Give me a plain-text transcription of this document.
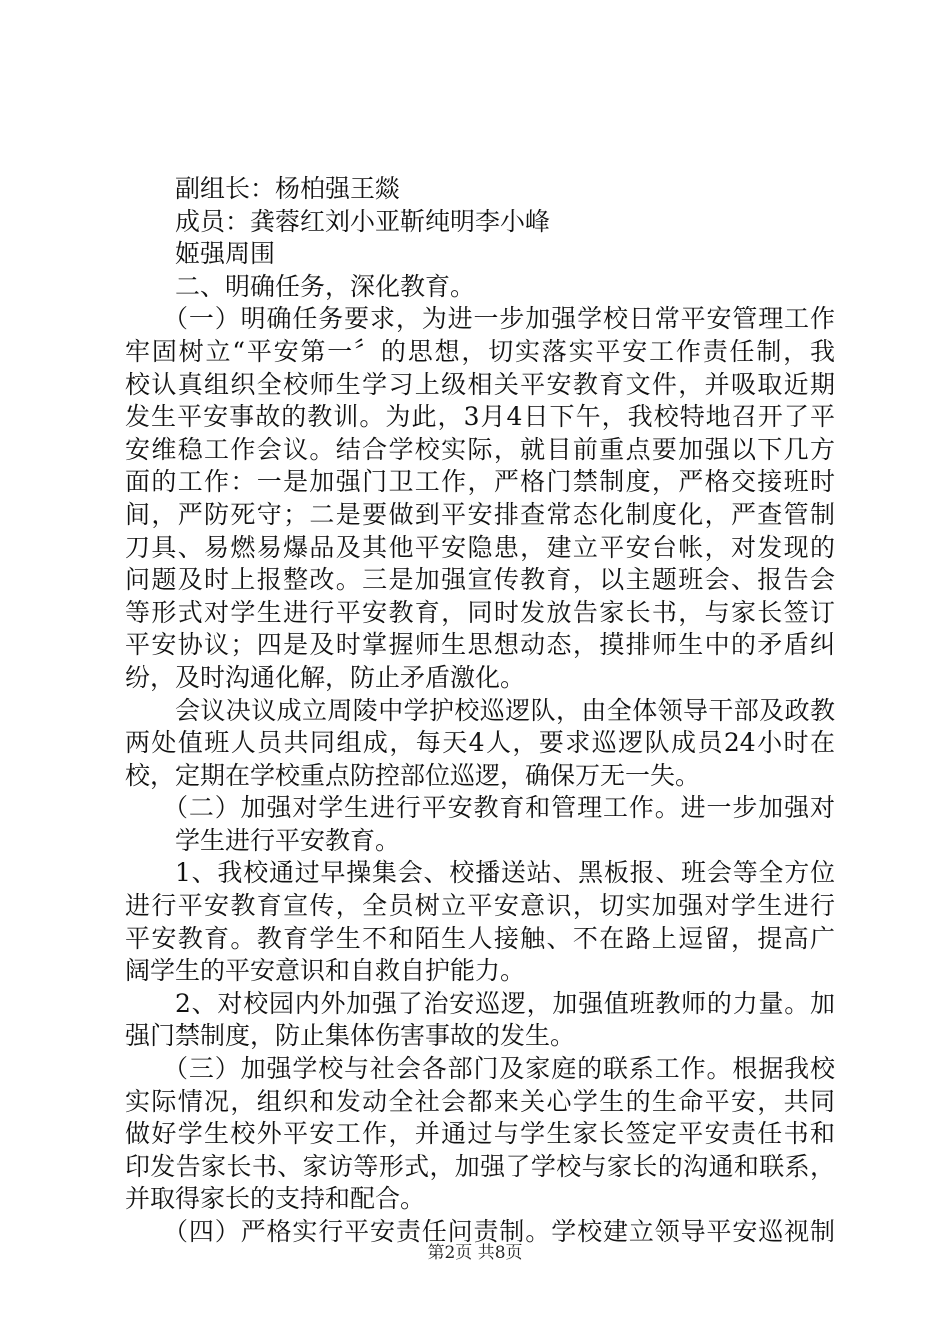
副组长：杨柏强王燚
成员：龚蓉红刘小亚靳纯明李小峰
姬强周围
二、明确任务，深化教育。
（一）明确任务要求，为进一步加强学校日常平安管理工作
牢固树立“平安第一〞的思想，切实落实平安工作责任制，我
校认真组织全校师生学习上级相关平安教育文件，并吸取近期
发生平安事故的教训。为此，3月4日下午，我校特地召开了平
安维稳工作会议。结合学校实际，就目前重点要加强以下几方
面的工作：一是加强门卫工作，严格门禁制度，严格交接班时
间，严防死守；二是要做到平安排查常态化制度化，严查管制
刀具、易燃易爆品及其他平安隐患，建立平安台帐，对发现的
问题及时上报整改。三是加强宣传教育，以主题班会、报告会
等形式对学生进行平安教育，同时发放告家长书，与家长签订
平安协议；四是及时掌握师生思想动态，摸排师生中的矛盾纠
纷，及时沟通化解，防止矛盾激化。
会议决议成立周陵中学护校巡逻队，由全体领导干部及政教
两处值班人员共同组成，每天4人，要求巡逻队成员24小时在
校，定期在学校重点防控部位巡逻，确保万无一失。
（二）加强对学生进行平安教育和管理工作。进一步加强对
学生进行平安教育。
1、我校通过早操集会、校播送站、黑板报、班会等全方位
进行平安教育宣传，全员树立平安意识，切实加强对学生进行
平安教育。教育学生不和陌生人接触、不在路上逗留，提高广
阔学生的平安意识和自救自护能力。
2、对校园内外加强了治安巡逻，加强值班教师的力量。加
强门禁制度，防止集体伤害事故的发生。
（三）加强学校与社会各部门及家庭的联系工作。根据我校
实际情况，组织和发动全社会都来关心学生的生命平安，共同
做好学生校外平安工作，并通过与学生家长签定平安责任书和
印发告家长书、家访等形式，加强了学校与家长的沟通和联系，
并取得家长的支持和配合。
（四）严格实行平安责任问责制。学校建立领导平安巡视制
第2页 共8页
